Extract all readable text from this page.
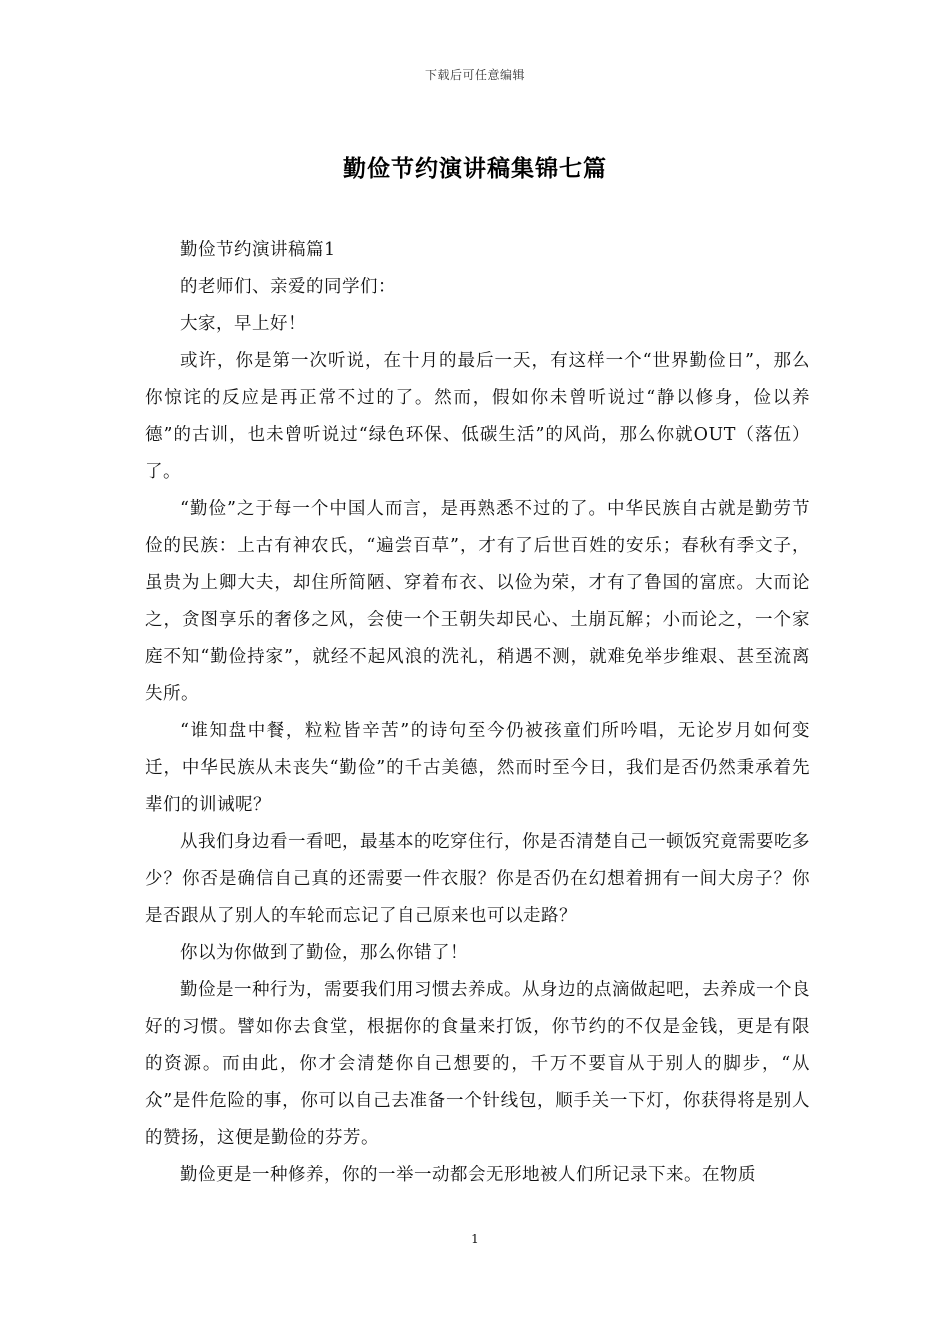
下载后可任意编辑
勤俭节约演讲稿集锦七篇

勤俭节约演讲稿篇1

的老师们、亲爱的同学们：

大家，早上好！

或许，你是第一次听说，在十月的最后一天，有这样一个“世界勤俭日”，那么你惊诧的反应是再正常不过的了。然而，假如你未曾听说过“静以修身，俭以养德”的古训，也未曾听说过“绿色环保、低碳生活”的风尚，那么你就OUT（落伍）了。

“勤俭”之于每一个中国人而言，是再熟悉不过的了。中华民族自古就是勤劳节俭的民族：上古有神农氏，“遍尝百草”，才有了后世百姓的安乐；春秋有季文子，虽贵为上卿大夫，却住所简陋、穿着布衣、以俭为荣，才有了鲁国的富庶。大而论之，贪图享乐的奢侈之风，会使一个王朝失却民心、土崩瓦解；小而论之，一个家庭不知“勤俭持家”，就经不起风浪的洗礼，稍遇不测，就难免举步维艰、甚至流离失所。

“谁知盘中餐，粒粒皆辛苦”的诗句至今仍被孩童们所吟唱，无论岁月如何变迁，中华民族从未丧失“勤俭”的千古美德，然而时至今日，我们是否仍然秉承着先辈们的训诫呢？

从我们身边看一看吧，最基本的吃穿住行，你是否清楚自己一顿饭究竟需要吃多少？你否是确信自己真的还需要一件衣服？你是否仍在幻想着拥有一间大房子？你是否跟从了别人的车轮而忘记了自己原来也可以走路？

你以为你做到了勤俭，那么你错了！

勤俭是一种行为，需要我们用习惯去养成。从身边的点滴做起吧，去养成一个良好的习惯。譬如你去食堂，根据你的食量来打饭，你节约的不仅是金钱，更是有限的资源。而由此，你才会清楚你自己想要的，千万不要盲从于别人的脚步，“从众”是件危险的事，你可以自己去准备一个针线包，顺手关一下灯，你获得将是别人的赞扬，这便是勤俭的芬芳。

勤俭更是一种修养，你的一举一动都会无形地被人们所记录下来。在物质

1
